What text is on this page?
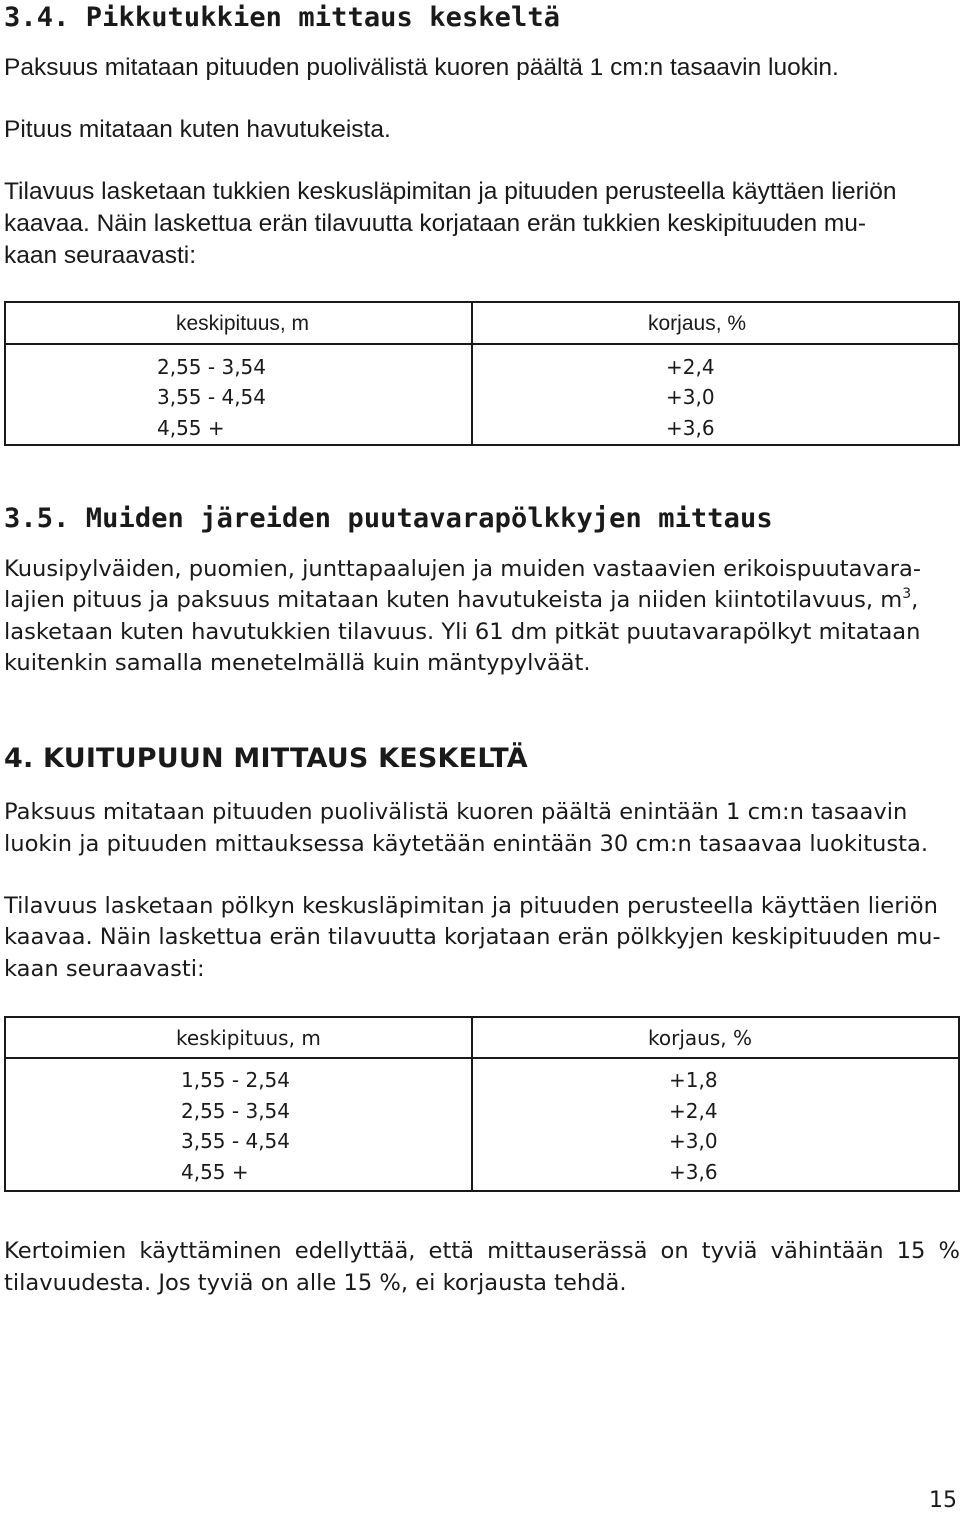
3.4. Pikkutukkien mittaus keskeltä
Paksuus mitataan pituuden puolivälistä kuoren päältä 1 cm:n tasaavin luokin.
Pituus mitataan kuten havutukeista.
Tilavuus lasketaan tukkien keskusläpimitan ja pituuden perusteella käyttäen lieriön
kaavaa. Näin laskettua erän tilavuutta korjataan erän tukkien keskipituuden mu-
kaan seuraavasti:
keskipituus, m	korjaus, %
2,55 - 3,54
3,55 - 4,54
4,55 +
+2,4
+3,0
+3,6
3.5. Muiden järeiden puutavarapölkkyjen mittaus
Kuusipylväiden, puomien, junttapaalujen ja muiden vastaavien erikoispuutavara-
lajien pituus ja paksuus mitataan kuten havutukeista ja niiden kiintotilavuus, $m^3$,
lasketaan kuten havutukkien tilavuus. Yli 61 dm pitkät puutavarapölkyt mitataan
kuitenkin samalla menetelmällä kuin mäntypylväät.
4. KUITUPUUN MITTAUS KESKELTÄ
Paksuus mitataan pituuden puolivälistä kuoren päältä enintään 1 cm:n tasaavin
luokin ja pituuden mittauksessa käytetään enintään 30 cm:n tasaavaa luokitusta.
Tilavuus lasketaan pölkyn keskusläpimitan ja pituuden perusteella käyttäen lieriön
kaavaa. Näin laskettua erän tilavuutta korjataan erän pölkkyjen keskipituuden mu-
kaan seuraavasti:
keskipituus, m	korjaus, %
1,55 - 2,54
2,55 - 3,54
3,55 - 4,54
4,55 +
+1,8
+2,4
+3,0
+3,6
Kertoimien käyttäminen edellyttää, että mittauserässä on tyviä vähintään 15 %
tilavuudesta. Jos tyviä on alle 15 %, ei korjausta tehdä.
15
